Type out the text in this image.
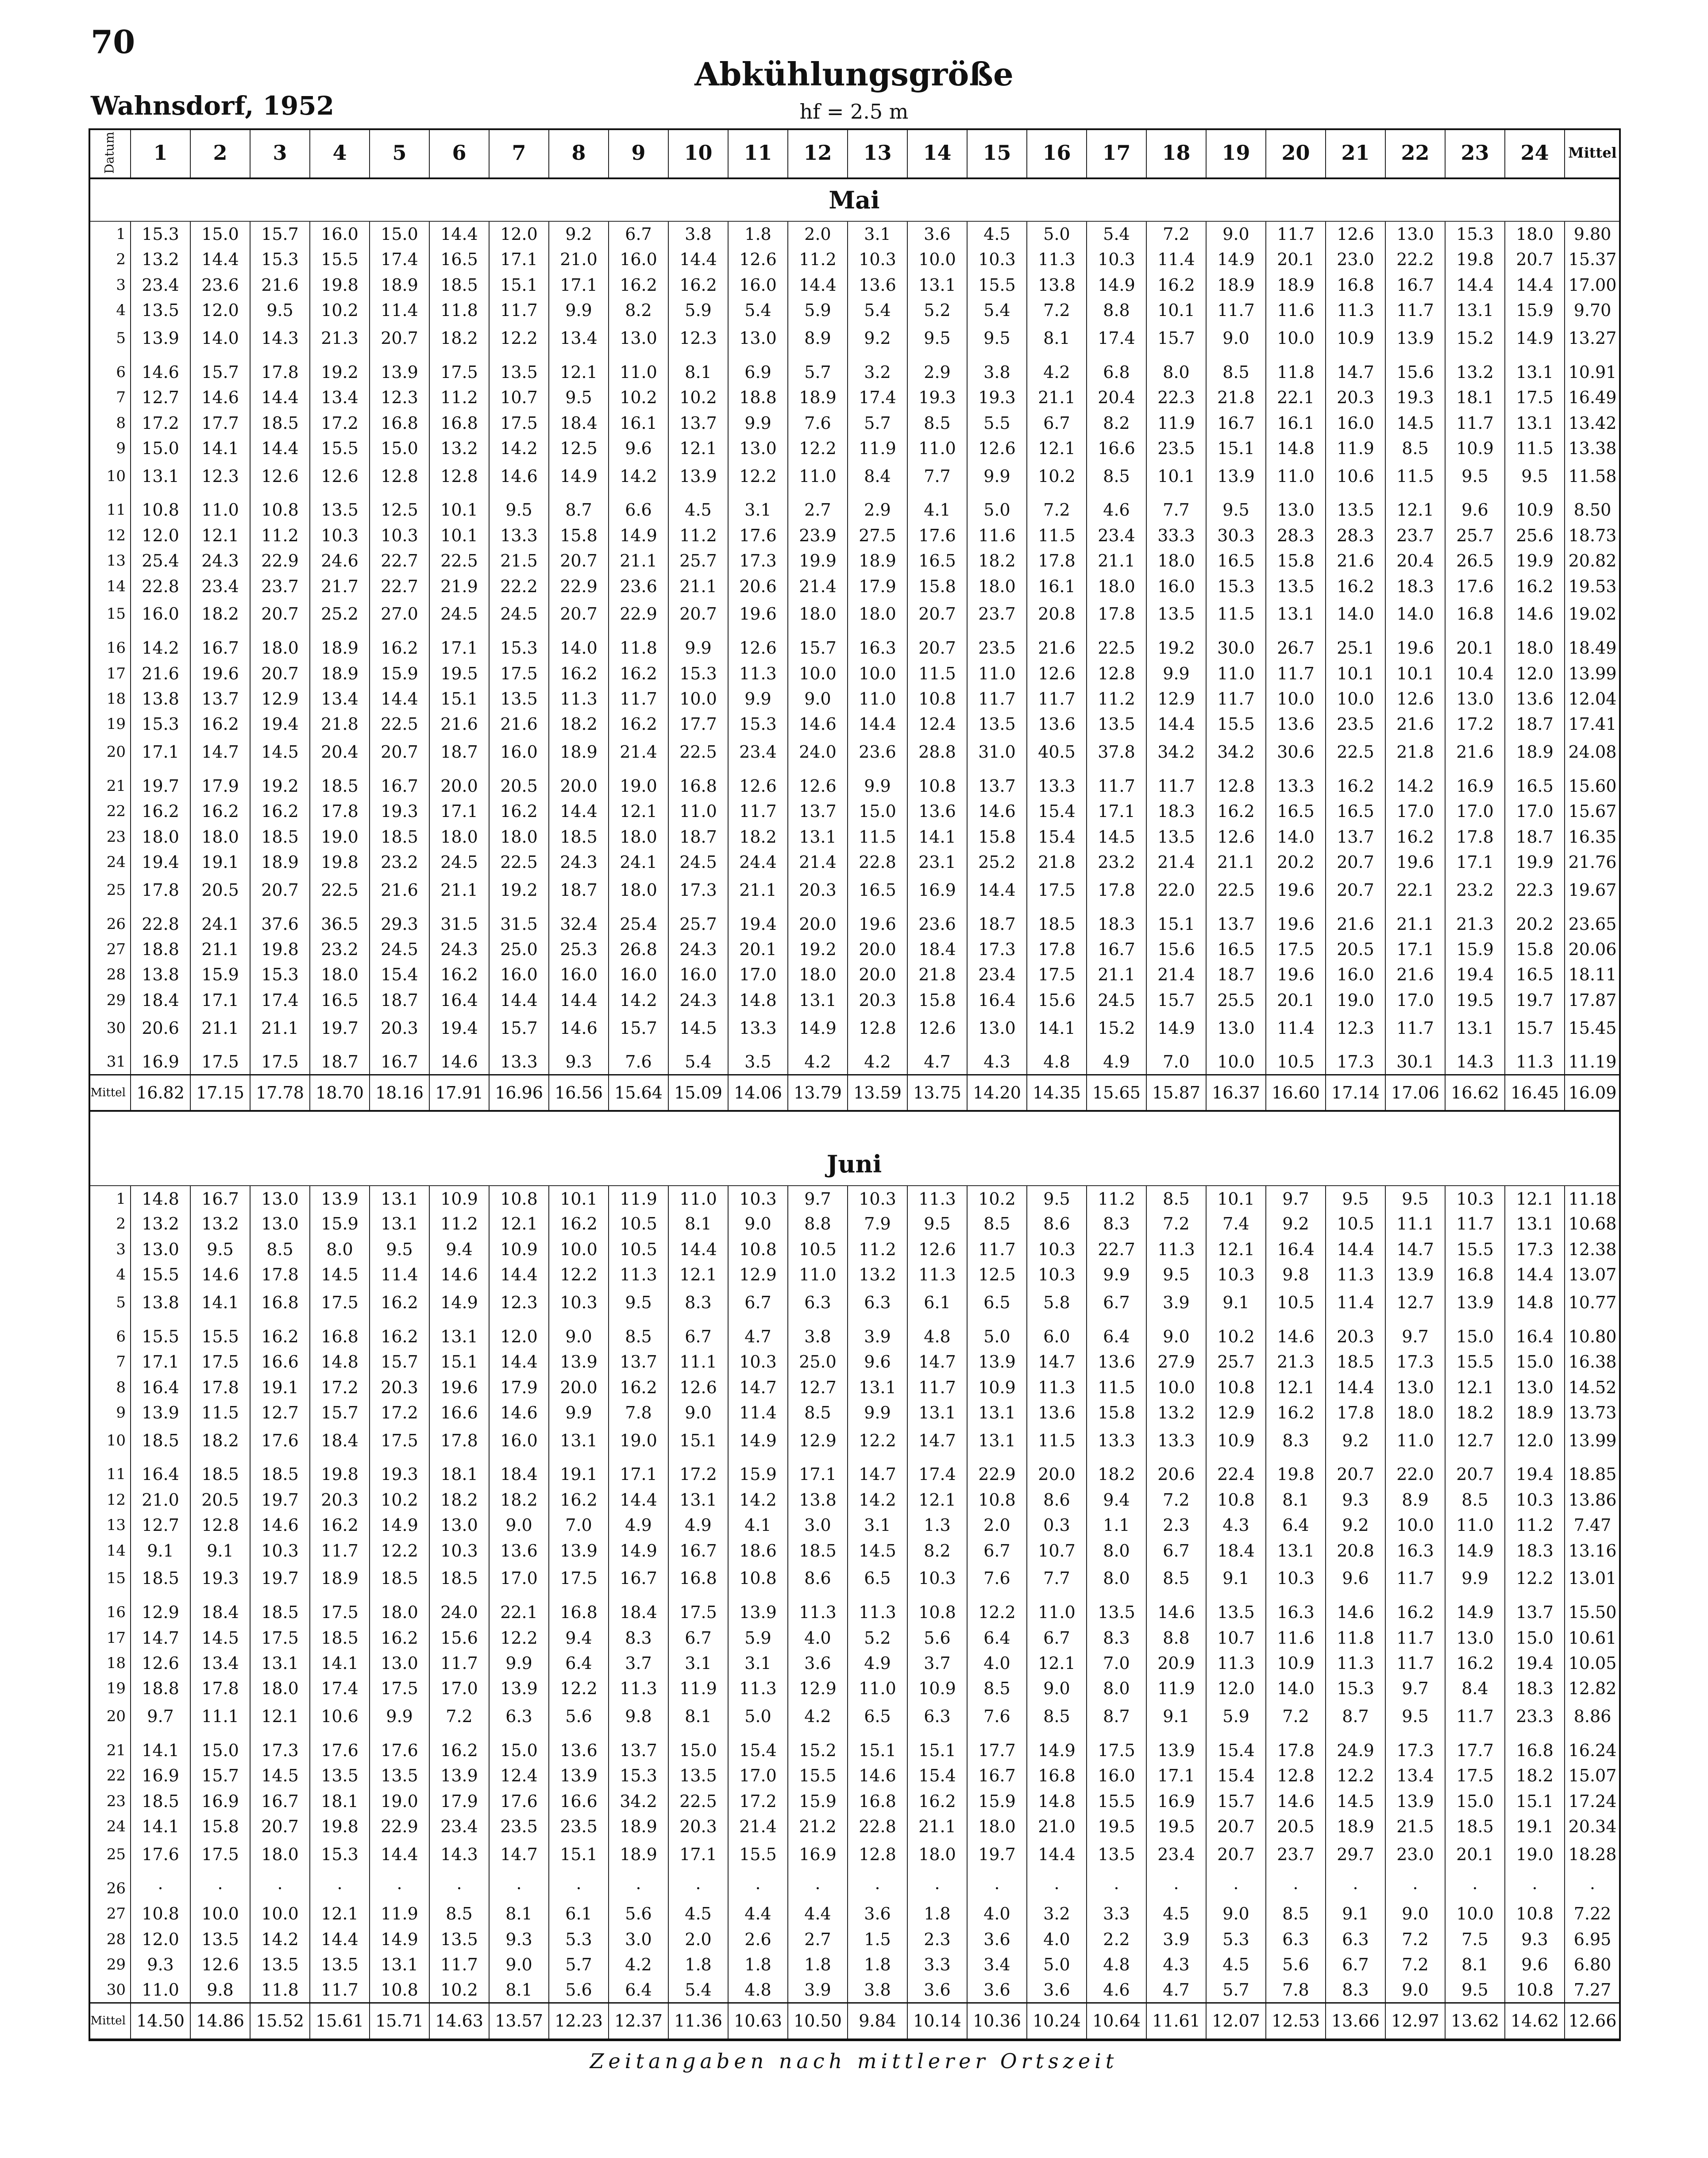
70
Wahnsdorf, 1952
Abkühlungsgröße
hf = 2.5 m
Datum	1	2	3	4	5	6	7	8	9	10	11	12	13	14	15	16	17	18	19	20	21	22	23	24	Mittel
Mai																									
1	15.3	15.0	15.7	16.0	15.0	14.4	12.0	9.2	6.7	3.8	1.8	2.0	3.1	3.6	4.5	5.0	5.4	7.2	9.0	11.7	12.6	13.0	15.3	18.0	9.80
2	13.2	14.4	15.3	15.5	17.4	16.5	17.1	21.0	16.0	14.4	12.6	11.2	10.3	10.0	10.3	11.3	10.3	11.4	14.9	20.1	23.0	22.2	19.8	20.7	15.37
3	23.4	23.6	21.6	19.8	18.9	18.5	15.1	17.1	16.2	16.2	16.0	14.4	13.6	13.1	15.5	13.8	14.9	16.2	18.9	18.9	16.8	16.7	14.4	14.4	17.00
4	13.5	12.0	9.5	10.2	11.4	11.8	11.7	9.9	8.2	5.9	5.4	5.9	5.4	5.2	5.4	7.2	8.8	10.1	11.7	11.6	11.3	11.7	13.1	15.9	9.70
5	13.9	14.0	14.3	21.3	20.7	18.2	12.2	13.4	13.0	12.3	13.0	8.9	9.2	9.5	9.5	8.1	17.4	15.7	9.0	10.0	10.9	13.9	15.2	14.9	13.27
6	14.6	15.7	17.8	19.2	13.9	17.5	13.5	12.1	11.0	8.1	6.9	5.7	3.2	2.9	3.8	4.2	6.8	8.0	8.5	11.8	14.7	15.6	13.2	13.1	10.91
7	12.7	14.6	14.4	13.4	12.3	11.2	10.7	9.5	10.2	10.2	18.8	18.9	17.4	19.3	19.3	21.1	20.4	22.3	21.8	22.1	20.3	19.3	18.1	17.5	16.49
8	17.2	17.7	18.5	17.2	16.8	16.8	17.5	18.4	16.1	13.7	9.9	7.6	5.7	8.5	5.5	6.7	8.2	11.9	16.7	16.1	16.0	14.5	11.7	13.1	13.42
9	15.0	14.1	14.4	15.5	15.0	13.2	14.2	12.5	9.6	12.1	13.0	12.2	11.9	11.0	12.6	12.1	16.6	23.5	15.1	14.8	11.9	8.5	10.9	11.5	13.38
10	13.1	12.3	12.6	12.6	12.8	12.8	14.6	14.9	14.2	13.9	12.2	11.0	8.4	7.7	9.9	10.2	8.5	10.1	13.9	11.0	10.6	11.5	9.5	9.5	11.58
11	10.8	11.0	10.8	13.5	12.5	10.1	9.5	8.7	6.6	4.5	3.1	2.7	2.9	4.1	5.0	7.2	4.6	7.7	9.5	13.0	13.5	12.1	9.6	10.9	8.50
12	12.0	12.1	11.2	10.3	10.3	10.1	13.3	15.8	14.9	11.2	17.6	23.9	27.5	17.6	11.6	11.5	23.4	33.3	30.3	28.3	28.3	23.7	25.7	25.6	18.73
13	25.4	24.3	22.9	24.6	22.7	22.5	21.5	20.7	21.1	25.7	17.3	19.9	18.9	16.5	18.2	17.8	21.1	18.0	16.5	15.8	21.6	20.4	26.5	19.9	20.82
14	22.8	23.4	23.7	21.7	22.7	21.9	22.2	22.9	23.6	21.1	20.6	21.4	17.9	15.8	18.0	16.1	18.0	16.0	15.3	13.5	16.2	18.3	17.6	16.2	19.53
15	16.0	18.2	20.7	25.2	27.0	24.5	24.5	20.7	22.9	20.7	19.6	18.0	18.0	20.7	23.7	20.8	17.8	13.5	11.5	13.1	14.0	14.0	16.8	14.6	19.02
16	14.2	16.7	18.0	18.9	16.2	17.1	15.3	14.0	11.8	9.9	12.6	15.7	16.3	20.7	23.5	21.6	22.5	19.2	30.0	26.7	25.1	19.6	20.1	18.0	18.49
17	21.6	19.6	20.7	18.9	15.9	19.5	17.5	16.2	16.2	15.3	11.3	10.0	10.0	11.5	11.0	12.6	12.8	9.9	11.0	11.7	10.1	10.1	10.4	12.0	13.99
18	13.8	13.7	12.9	13.4	14.4	15.1	13.5	11.3	11.7	10.0	9.9	9.0	11.0	10.8	11.7	11.7	11.2	12.9	11.7	10.0	10.0	12.6	13.0	13.6	12.04
19	15.3	16.2	19.4	21.8	22.5	21.6	21.6	18.2	16.2	17.7	15.3	14.6	14.4	12.4	13.5	13.6	13.5	14.4	15.5	13.6	23.5	21.6	17.2	18.7	17.41
20	17.1	14.7	14.5	20.4	20.7	18.7	16.0	18.9	21.4	22.5	23.4	24.0	23.6	28.8	31.0	40.5	37.8	34.2	34.2	30.6	22.5	21.8	21.6	18.9	24.08
21	19.7	17.9	19.2	18.5	16.7	20.0	20.5	20.0	19.0	16.8	12.6	12.6	9.9	10.8	13.7	13.3	11.7	11.7	12.8	13.3	16.2	14.2	16.9	16.5	15.60
22	16.2	16.2	16.2	17.8	19.3	17.1	16.2	14.4	12.1	11.0	11.7	13.7	15.0	13.6	14.6	15.4	17.1	18.3	16.2	16.5	16.5	17.0	17.0	17.0	15.67
23	18.0	18.0	18.5	19.0	18.5	18.0	18.0	18.5	18.0	18.7	18.2	13.1	11.5	14.1	15.8	15.4	14.5	13.5	12.6	14.0	13.7	16.2	17.8	18.7	16.35
24	19.4	19.1	18.9	19.8	23.2	24.5	22.5	24.3	24.1	24.5	24.4	21.4	22.8	23.1	25.2	21.8	23.2	21.4	21.1	20.2	20.7	19.6	17.1	19.9	21.76
25	17.8	20.5	20.7	22.5	21.6	21.1	19.2	18.7	18.0	17.3	21.1	20.3	16.5	16.9	14.4	17.5	17.8	22.0	22.5	19.6	20.7	22.1	23.2	22.3	19.67
26	22.8	24.1	37.6	36.5	29.3	31.5	31.5	32.4	25.4	25.7	19.4	20.0	19.6	23.6	18.7	18.5	18.3	15.1	13.7	19.6	21.6	21.1	21.3	20.2	23.65
27	18.8	21.1	19.8	23.2	24.5	24.3	25.0	25.3	26.8	24.3	20.1	19.2	20.0	18.4	17.3	17.8	16.7	15.6	16.5	17.5	20.5	17.1	15.9	15.8	20.06
28	13.8	15.9	15.3	18.0	15.4	16.2	16.0	16.0	16.0	16.0	17.0	18.0	20.0	21.8	23.4	17.5	21.1	21.4	18.7	19.6	16.0	21.6	19.4	16.5	18.11
29	18.4	17.1	17.4	16.5	18.7	16.4	14.4	14.4	14.2	24.3	14.8	13.1	20.3	15.8	16.4	15.6	24.5	15.7	25.5	20.1	19.0	17.0	19.5	19.7	17.87
30	20.6	21.1	21.1	19.7	20.3	19.4	15.7	14.6	15.7	14.5	13.3	14.9	12.8	12.6	13.0	14.1	15.2	14.9	13.0	11.4	12.3	11.7	13.1	15.7	15.45
31	16.9	17.5	17.5	18.7	16.7	14.6	13.3	9.3	7.6	5.4	3.5	4.2	4.2	4.7	4.3	4.8	4.9	7.0	10.0	10.5	17.3	30.1	14.3	11.3	11.19
Mittel	16.82	17.15	17.78	18.70	18.16	17.91	16.96	16.56	15.64	15.09	14.06	13.79	13.59	13.75	14.20	14.35	15.65	15.87	16.37	16.60	17.14	17.06	16.62	16.45	16.09

Juni																									
1	14.8	16.7	13.0	13.9	13.1	10.9	10.8	10.1	11.9	11.0	10.3	9.7	10.3	11.3	10.2	9.5	11.2	8.5	10.1	9.7	9.5	9.5	10.3	12.1	11.18
2	13.2	13.2	13.0	15.9	13.1	11.2	12.1	16.2	10.5	8.1	9.0	8.8	7.9	9.5	8.5	8.6	8.3	7.2	7.4	9.2	10.5	11.1	11.7	13.1	10.68
3	13.0	9.5	8.5	8.0	9.5	9.4	10.9	10.0	10.5	14.4	10.8	10.5	11.2	12.6	11.7	10.3	22.7	11.3	12.1	16.4	14.4	14.7	15.5	17.3	12.38
4	15.5	14.6	17.8	14.5	11.4	14.6	14.4	12.2	11.3	12.1	12.9	11.0	13.2	11.3	12.5	10.3	9.9	9.5	10.3	9.8	11.3	13.9	16.8	14.4	13.07
5	13.8	14.1	16.8	17.5	16.2	14.9	12.3	10.3	9.5	8.3	6.7	6.3	6.3	6.1	6.5	5.8	6.7	3.9	9.1	10.5	11.4	12.7	13.9	14.8	10.77
6	15.5	15.5	16.2	16.8	16.2	13.1	12.0	9.0	8.5	6.7	4.7	3.8	3.9	4.8	5.0	6.0	6.4	9.0	10.2	14.6	20.3	9.7	15.0	16.4	10.80
7	17.1	17.5	16.6	14.8	15.7	15.1	14.4	13.9	13.7	11.1	10.3	25.0	9.6	14.7	13.9	14.7	13.6	27.9	25.7	21.3	18.5	17.3	15.5	15.0	16.38
8	16.4	17.8	19.1	17.2	20.3	19.6	17.9	20.0	16.2	12.6	14.7	12.7	13.1	11.7	10.9	11.3	11.5	10.0	10.8	12.1	14.4	13.0	12.1	13.0	14.52
9	13.9	11.5	12.7	15.7	17.2	16.6	14.6	9.9	7.8	9.0	11.4	8.5	9.9	13.1	13.1	13.6	15.8	13.2	12.9	16.2	17.8	18.0	18.2	18.9	13.73
10	18.5	18.2	17.6	18.4	17.5	17.8	16.0	13.1	19.0	15.1	14.9	12.9	12.2	14.7	13.1	11.5	13.3	13.3	10.9	8.3	9.2	11.0	12.7	12.0	13.99
11	16.4	18.5	18.5	19.8	19.3	18.1	18.4	19.1	17.1	17.2	15.9	17.1	14.7	17.4	22.9	20.0	18.2	20.6	22.4	19.8	20.7	22.0	20.7	19.4	18.85
12	21.0	20.5	19.7	20.3	10.2	18.2	18.2	16.2	14.4	13.1	14.2	13.8	14.2	12.1	10.8	8.6	9.4	7.2	10.8	8.1	9.3	8.9	8.5	10.3	13.86
13	12.7	12.8	14.6	16.2	14.9	13.0	9.0	7.0	4.9	4.9	4.1	3.0	3.1	1.3	2.0	0.3	1.1	2.3	4.3	6.4	9.2	10.0	11.0	11.2	7.47
14	9.1	9.1	10.3	11.7	12.2	10.3	13.6	13.9	14.9	16.7	18.6	18.5	14.5	8.2	6.7	10.7	8.0	6.7	18.4	13.1	20.8	16.3	14.9	18.3	13.16
15	18.5	19.3	19.7	18.9	18.5	18.5	17.0	17.5	16.7	16.8	10.8	8.6	6.5	10.3	7.6	7.7	8.0	8.5	9.1	10.3	9.6	11.7	9.9	12.2	13.01
16	12.9	18.4	18.5	17.5	18.0	24.0	22.1	16.8	18.4	17.5	13.9	11.3	11.3	10.8	12.2	11.0	13.5	14.6	13.5	16.3	14.6	16.2	14.9	13.7	15.50
17	14.7	14.5	17.5	18.5	16.2	15.6	12.2	9.4	8.3	6.7	5.9	4.0	5.2	5.6	6.4	6.7	8.3	8.8	10.7	11.6	11.8	11.7	13.0	15.0	10.61
18	12.6	13.4	13.1	14.1	13.0	11.7	9.9	6.4	3.7	3.1	3.1	3.6	4.9	3.7	4.0	12.1	7.0	20.9	11.3	10.9	11.3	11.7	16.2	19.4	10.05
19	18.8	17.8	18.0	17.4	17.5	17.0	13.9	12.2	11.3	11.9	11.3	12.9	11.0	10.9	8.5	9.0	8.0	11.9	12.0	14.0	15.3	9.7	8.4	18.3	12.82
20	9.7	11.1	12.1	10.6	9.9	7.2	6.3	5.6	9.8	8.1	5.0	4.2	6.5	6.3	7.6	8.5	8.7	9.1	5.9	7.2	8.7	9.5	11.7	23.3	8.86
21	14.1	15.0	17.3	17.6	17.6	16.2	15.0	13.6	13.7	15.0	15.4	15.2	15.1	15.1	17.7	14.9	17.5	13.9	15.4	17.8	24.9	17.3	17.7	16.8	16.24
22	16.9	15.7	14.5	13.5	13.5	13.9	12.4	13.9	15.3	13.5	17.0	15.5	14.6	15.4	16.7	16.8	16.0	17.1	15.4	12.8	12.2	13.4	17.5	18.2	15.07
23	18.5	16.9	16.7	18.1	19.0	17.9	17.6	16.6	34.2	22.5	17.2	15.9	16.8	16.2	15.9	14.8	15.5	16.9	15.7	14.6	14.5	13.9	15.0	15.1	17.24
24	14.1	15.8	20.7	19.8	22.9	23.4	23.5	23.5	18.9	20.3	21.4	21.2	22.8	21.1	18.0	21.0	19.5	19.5	20.7	20.5	18.9	21.5	18.5	19.1	20.34
25	17.6	17.5	18.0	15.3	14.4	14.3	14.7	15.1	18.9	17.1	15.5	16.9	12.8	18.0	19.7	14.4	13.5	23.4	20.7	23.7	29.7	23.0	20.1	19.0	18.28
26	·	·	·	·	·	·	·	·	·	·	·	·	·	·	·	·	·	·	·	·	·	·	·	·	·
27	10.8	10.0	10.0	12.1	11.9	8.5	8.1	6.1	5.6	4.5	4.4	4.4	3.6	1.8	4.0	3.2	3.3	4.5	9.0	8.5	9.1	9.0	10.0	10.8	7.22
28	12.0	13.5	14.2	14.4	14.9	13.5	9.3	5.3	3.0	2.0	2.6	2.7	1.5	2.3	3.6	4.0	2.2	3.9	5.3	6.3	6.3	7.2	7.5	9.3	6.95
29	9.3	12.6	13.5	13.5	13.1	11.7	9.0	5.7	4.2	1.8	1.8	1.8	1.8	3.3	3.4	5.0	4.8	4.3	4.5	5.6	6.7	7.2	8.1	9.6	6.80
30	11.0	9.8	11.8	11.7	10.8	10.2	8.1	5.6	6.4	5.4	4.8	3.9	3.8	3.6	3.6	3.6	4.6	4.7	5.7	7.8	8.3	9.0	9.5	10.8	7.27
Mittel	14.50	14.86	15.52	15.61	15.71	14.63	13.57	12.23	12.37	11.36	10.63	10.50	9.84	10.14	10.36	10.24	10.64	11.61	12.07	12.53	13.66	12.97	13.62	14.62	12.66
Zeitangaben nach mittlerer Ortszeit
